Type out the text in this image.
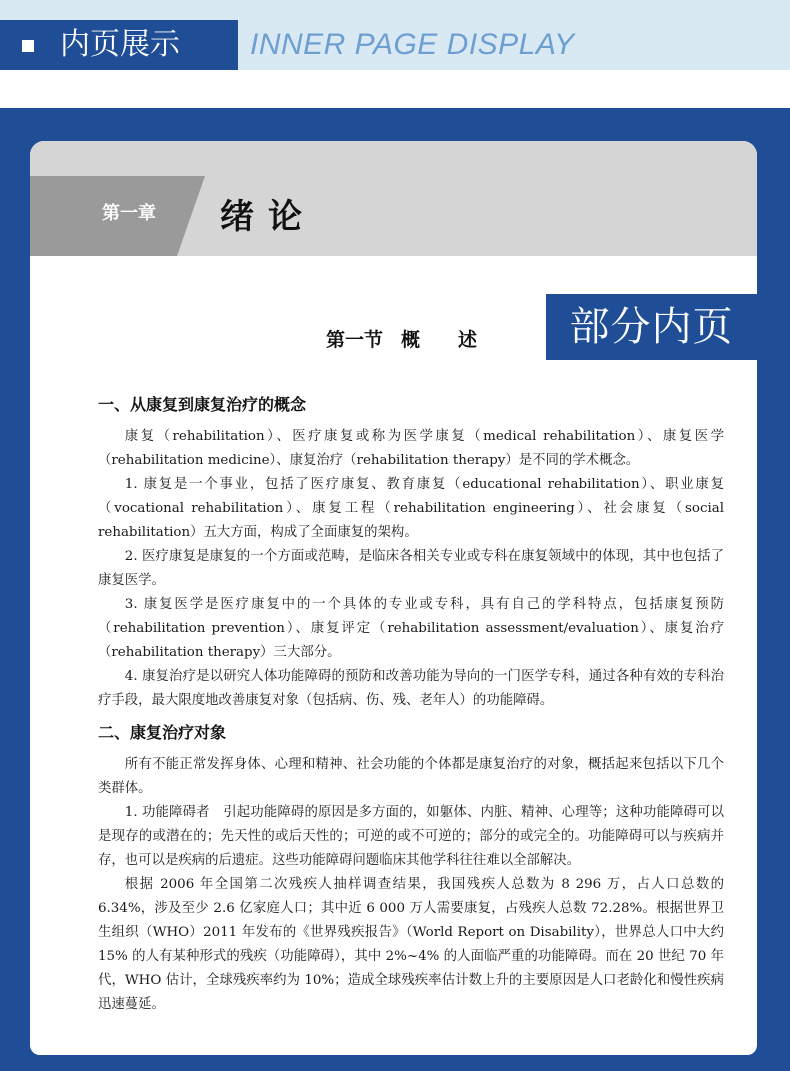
内页展示 INNER PAGE DISPLAY
第一章 绪论
第一节 概　　述	部分内页
一、从康复到康复治疗的概念

康复（rehabilitation）、医疗康复或称为医学康复（medical rehabilitation）、康复医学（rehabilitation medicine）、康复治疗（rehabilitation therapy）是不同的学术概念。

1. 康复是一个事业，包括了医疗康复、教育康复（educational rehabilitation）、职业康复（vocational rehabilitation）、康复工程（rehabilitation engineering）、社会康复（social rehabilitation）五大方面，构成了全面康复的架构。

2. 医疗康复是康复的一个方面或范畴，是临床各相关专业或专科在康复领域中的体现，其中也包括了康复医学。

3. 康复医学是医疗康复中的一个具体的专业或专科，具有自己的学科特点，包括康复预防（rehabilitation prevention）、康复评定（rehabilitation assessment/evaluation）、康复治疗（rehabilitation therapy）三大部分。

4. 康复治疗是以研究人体功能障碍的预防和改善功能为导向的一门医学专科，通过各种有效的专科治疗手段，最大限度地改善康复对象（包括病、伤、残、老年人）的功能障碍。

二、康复治疗对象

所有不能正常发挥身体、心理和精神、社会功能的个体都是康复治疗的对象，概括起来包括以下几个类群体。

1. 功能障碍者　引起功能障碍的原因是多方面的，如躯体、内脏、精神、心理等；这种功能障碍可以是现存的或潜在的；先天性的或后天性的；可逆的或不可逆的；部分的或完全的。功能障碍可以与疾病并存，也可以是疾病的后遗症。这些功能障碍问题临床其他学科往往难以全部解决。

根据 2006 年全国第二次残疾人抽样调查结果，我国残疾人总数为 8 296 万，占人口总数的 6.34%，涉及至少 2.6 亿家庭人口；其中近 6 000 万人需要康复，占残疾人总数 72.28%。根据世界卫生组织（WHO）2011 年发布的《世界残疾报告》（World Report on Disability），世界总人口中大约 15% 的人有某种形式的残疾（功能障碍），其中 2%~4% 的人面临严重的功能障碍。而在 20 世纪 70 年代，WHO 估计，全球残疾率约为 10%；造成全球残疾率估计数上升的主要原因是人口老龄化和慢性疾病迅速蔓延。
